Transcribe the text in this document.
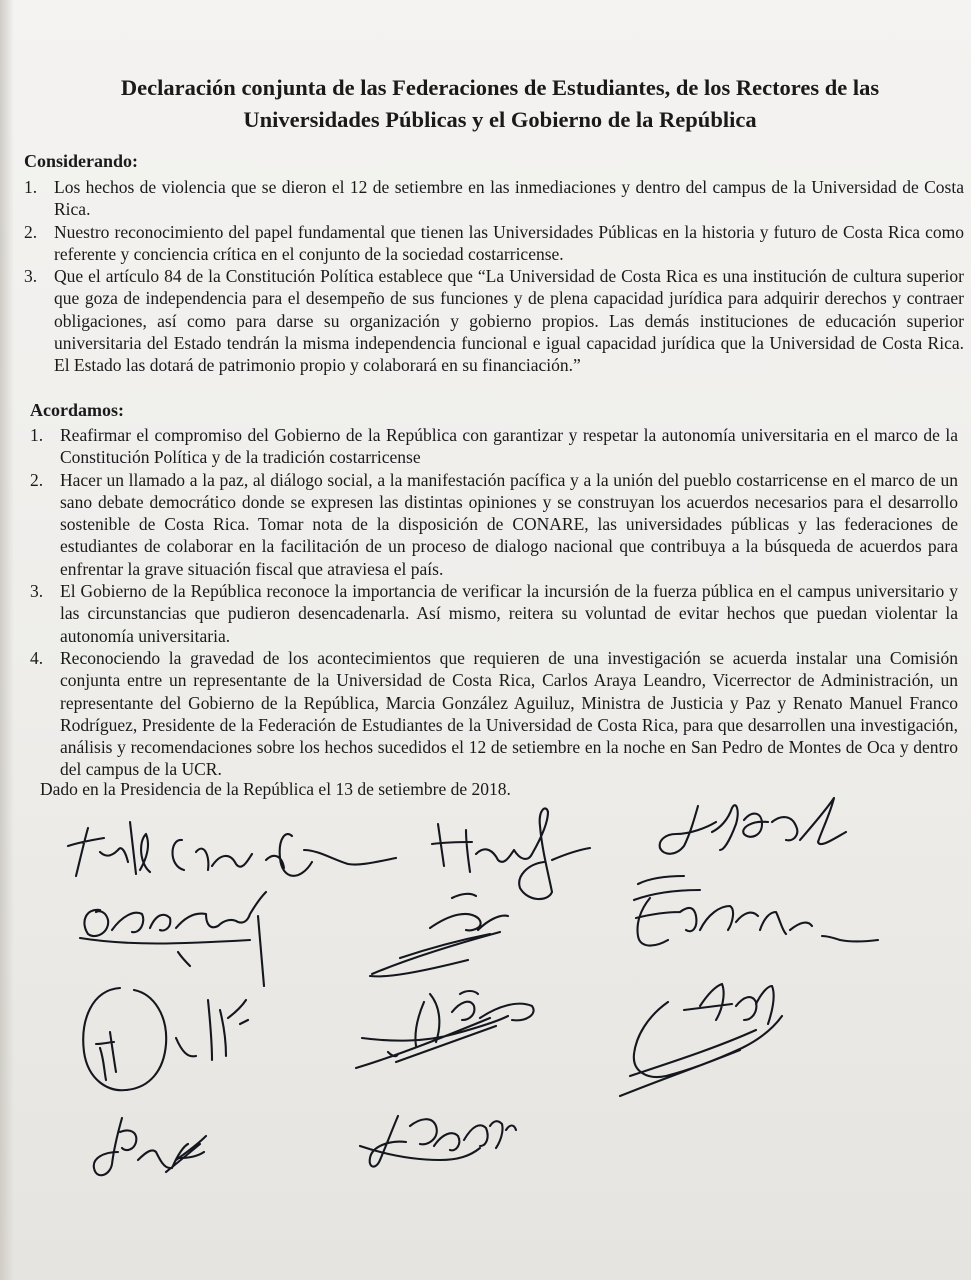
Declaración conjunta de las Federaciones de Estudiantes, de los Rectores de las
Universidades Públicas y el Gobierno de la República
Considerando:
1. Los hechos de violencia que se dieron el 12 de setiembre en las inmediaciones y dentro del campus de la Universidad de Costa Rica.
2. Nuestro reconocimiento del papel fundamental que tienen las Universidades Públicas en la historia y futuro de Costa Rica como referente y conciencia crítica en el conjunto de la sociedad costarricense.
3. Que el artículo 84 de la Constitución Política establece que “La Universidad de Costa Rica es una institución de cultura superior que goza de independencia para el desempeño de sus funciones y de plena capacidad jurídica para adquirir derechos y contraer obligaciones, así como para darse su organización y gobierno propios. Las demás instituciones de educación superior universitaria del Estado tendrán la misma independencia funcional e igual capacidad jurídica que la Universidad de Costa Rica. El Estado las dotará de patrimonio propio y colaborará en su financiación.”
Acordamos:
1. Reafirmar el compromiso del Gobierno de la República con garantizar y respetar la autonomía universitaria en el marco de la Constitución Política y de la tradición costarricense
2. Hacer un llamado a la paz, al diálogo social, a la manifestación pacífica y a la unión del pueblo costarricense en el marco de un sano debate democrático donde se expresen las distintas opiniones y se construyan los acuerdos necesarios para el desarrollo sostenible de Costa Rica. Tomar nota de la disposición de CONARE, las universidades públicas y las federaciones de estudiantes de colaborar en la facilitación de un proceso de dialogo nacional que contribuya a la búsqueda de acuerdos para enfrentar la grave situación fiscal que atraviesa el país.
3. El Gobierno de la República reconoce la importancia de verificar la incursión de la fuerza pública en el campus universitario y las circunstancias que pudieron desencadenarla. Así mismo, reitera su voluntad de evitar hechos que puedan violentar la autonomía universitaria.
4. Reconociendo la gravedad de los acontecimientos que requieren de una investigación se acuerda instalar una Comisión conjunta entre un representante de la Universidad de Costa Rica, Carlos Araya Leandro, Vicerrector de Administración, un representante del Gobierno de la República, Marcia González Aguiluz, Ministra de Justicia y Paz y Renato Manuel Franco Rodríguez, Presidente de la Federación de Estudiantes de la Universidad de Costa Rica, para que desarrollen una investigación, análisis y recomendaciones sobre los hechos sucedidos el 12 de setiembre en la noche en San Pedro de Montes de Oca y dentro del campus de la UCR.
Dado en la Presidencia de la República el 13 de setiembre de 2018.
